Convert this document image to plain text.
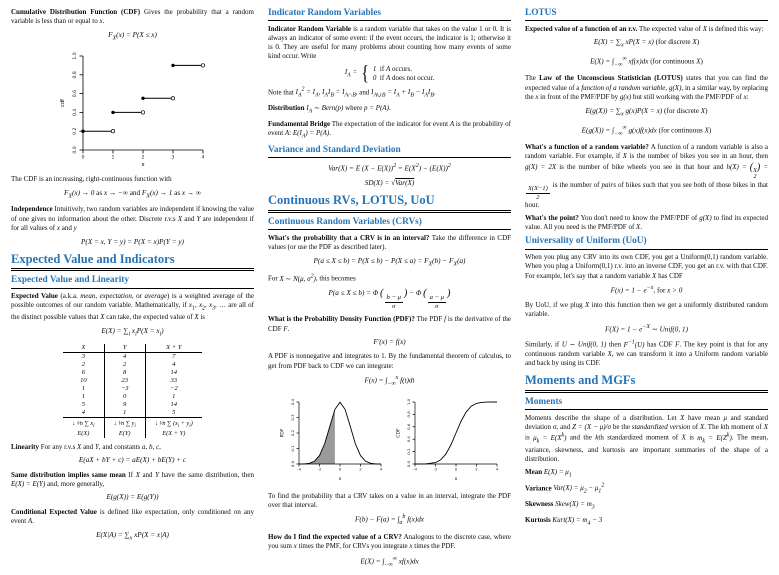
Cumulative Distribution Function (CDF) Gives the probability that a random variable is less than or equal to x.

$F_X(x) = P(X \le x)$
0.0
0.2
0.4
0.6
0.8
1.0
0	1	2	3	4
cdf
x

The CDF is an increasing, right-continuous function with

$F_X(x) \to 0$ as x → −∞ and $F_X(x) \to 1$ as x → ∞

Independence Intuitively, two random variables are independent if knowing the value of one gives no information about the other. Discrete r.v.s X and Y are independent if for all values of x and y

P(X = x, Y = y) = P(X = x)P(Y = y)
Expected Value and Indicators
Expected Value and Linearity

Expected Value (a.k.a. mean, expectation, or average) is a weighted average of the possible outcomes of our random variable. Mathematically, if $x_1$, $x_2$, $x_3$, … are all of the distinct possible values that X can take, the expected value of X is

$E(X) = \sum_i$ $x_iP(X = x_i)$
X	Y	X + Y
3	4	7
2	2	4
6	8	14
10	23	33
1	−3	−2
1	0	1
5	9	14
4	1	5
↓ ¹⁄n ∑ $x_i$	↓ ¹⁄n ∑ $y_i$	↓ ¹⁄n ∑ $(x_i + y_i)$
E(X)	E(Y)	E(X + Y)

Linearity For any r.v.s X and Y, and constants a, b, c,

E(aX + bY + c) = aE(X) + bE(Y) + c

Same distribution implies same mean If X and Y have the same distribution, then E(X) = E(Y) and, more generally,

E(g(X)) = E(g(Y))

Conditional Expected Value is defined like expectation, only conditioned on any event A.

$E(X|A) = \sum_x$ xP(X = x|A)
Indicator Random Variables

Indicator Random Variable is a random variable that takes on the value 1 or 0. It is always an indicator of some event: if the event occurs, the indicator is 1; otherwise it is 0. They are useful for many problems about counting how many events of some kind occur. Write

$I_A$ = { 1 if A occurs.
0 if A does not occur.

Note that $I_A^2 = I_A$, $I_AI_B = I_{A\cap B}$, and $I_{A\cup B} = I_A + I_B - I_AI_B$.

Distribution $I_A$ ∼ Bern(p) where p = P(A).

Fundamental Bridge The expectation of the indicator for event A is the probability of event A: $E(I_A) = P(A)$.

Variance and Standard Deviation
Var(X) = E $(X - E(X))^2 = E(X^2) - (E(X))^2$
SD(X) = √Var(X)
Continuous RVs, LOTUS, UoU
Continuous Random Variables (CRVs)

What's the probability that a CRV is in an interval? Take the difference in CDF values (or use the PDF as described later).

$P(a \le X \le b) = P(X \le b) - P(X \le a) = F_X(b) - F_X(a)$

For X ∼ N(μ, $\sigma^2$), this becomes

P(a ≤ X ≤ b) = Φ (
$\frac{b - \mu}{\sigma}$
) − Φ (
$\frac{a - \mu}{\sigma}$
)

What is the Probability Density Function (PDF)? The PDF f is the derivative of the CDF F.

F′(x) = f(x)

A PDF is nonnegative and integrates to 1. By the fundamental theorem of calculus, to get from PDF back to CDF we can integrate:

$F(x) = \int_{-\infty}^x$ f(t)dt
0.0
0.1
0.2
0.3
0.4
-4	-2	0	2	4
PDF
x
0.0
0.2
0.4
0.6
0.8
1.0
-4	-2	0	2	4
CDF
x

To find the probability that a CRV takes on a value in an interval, integrate the PDF over that interval.

$F(b) - F(a) = \int_a^b$ f(x)dx

How do I find the expected value of a CRV? Analogous to the discrete case, where you sum x times the PMF, for CRVs you integrate x times the PDF.

$E(X) = \int_{-\infty}^\infty$ xf(x)dx
LOTUS

Expected value of a function of an r.v. The expected value of X is defined this way:

$E(X) = \sum_x$ xP(X = x) (for discrete X)
$E(X) = \int_{-\infty}^\infty$ xf(x)dx (for continuous X)

The Law of the Unconscious Statistician (LOTUS) states that you can find the expected value of a function of a random variable, g(X), in a similar way, by replacing the x in front of the PMF/PDF by g(x) but still working with the PMF/PDF of x:

$E(g(X)) = \sum_x$ g(x)P(X = x) (for discrete X)
$E(g(X)) = \int_{-\infty}^\infty$ g(x)f(x)dx (for continuous X)

What's a function of a random variable? A function of a random variable is also a random variable. For example, if X is the number of bikes you see in an hour, then g(X) = 2X is the number of bike wheels you see in that hour and h(X) = ( X
2
) =
$\frac{X(X-1)}{2}$
is the number of pairs of bikes such that you see both of those bikes in that hour.

What's the point? You don't need to know the PMF/PDF of g(X) to find its expected value. All you need is the PMF/PDF of X.

Universality of Uniform (UoU)

When you plug any CRV into its own CDF, you get a Uniform(0,1) random variable. When you plug a Uniform(0,1) r.v. into an inverse CDF, you get an r.v. with that CDF. For example, let's say that a random variable X has CDF

$F(x) = 1 - e^{-x}$, for x > 0

By UoU, if we plug X into this function then we get a uniformly distributed random variable.

$F(X) = 1 - e^{-X}$ ∼ Unif(0, 1)

Similarly, if U ∼ Unif(0, 1) then $F^{-1}(U)$ has CDF F. The key point is that for any continuous random variable X, we can transform it into a Uniform random variable and back by using its CDF.

Moments and MGFs
Moments

Moments describe the shape of a distribution. Let X have mean μ and standard deviation σ, and Z = (X − μ)/σ be the standardized version of X. The kth moment of X is $\mu_k = E(X^k)$ and the kth standardized moment of X is $m_k = E(Z^k)$. The mean, variance, skewness, and kurtosis are important summaries of the shape of a distribution.

Mean $E(X) = \mu_1$

Variance $Var(X) = \mu_2 - \mu_1^2$

Skewness Skew(X) = $m_3$

Kurtosis Kurt(X) = $m_4 - 3$
